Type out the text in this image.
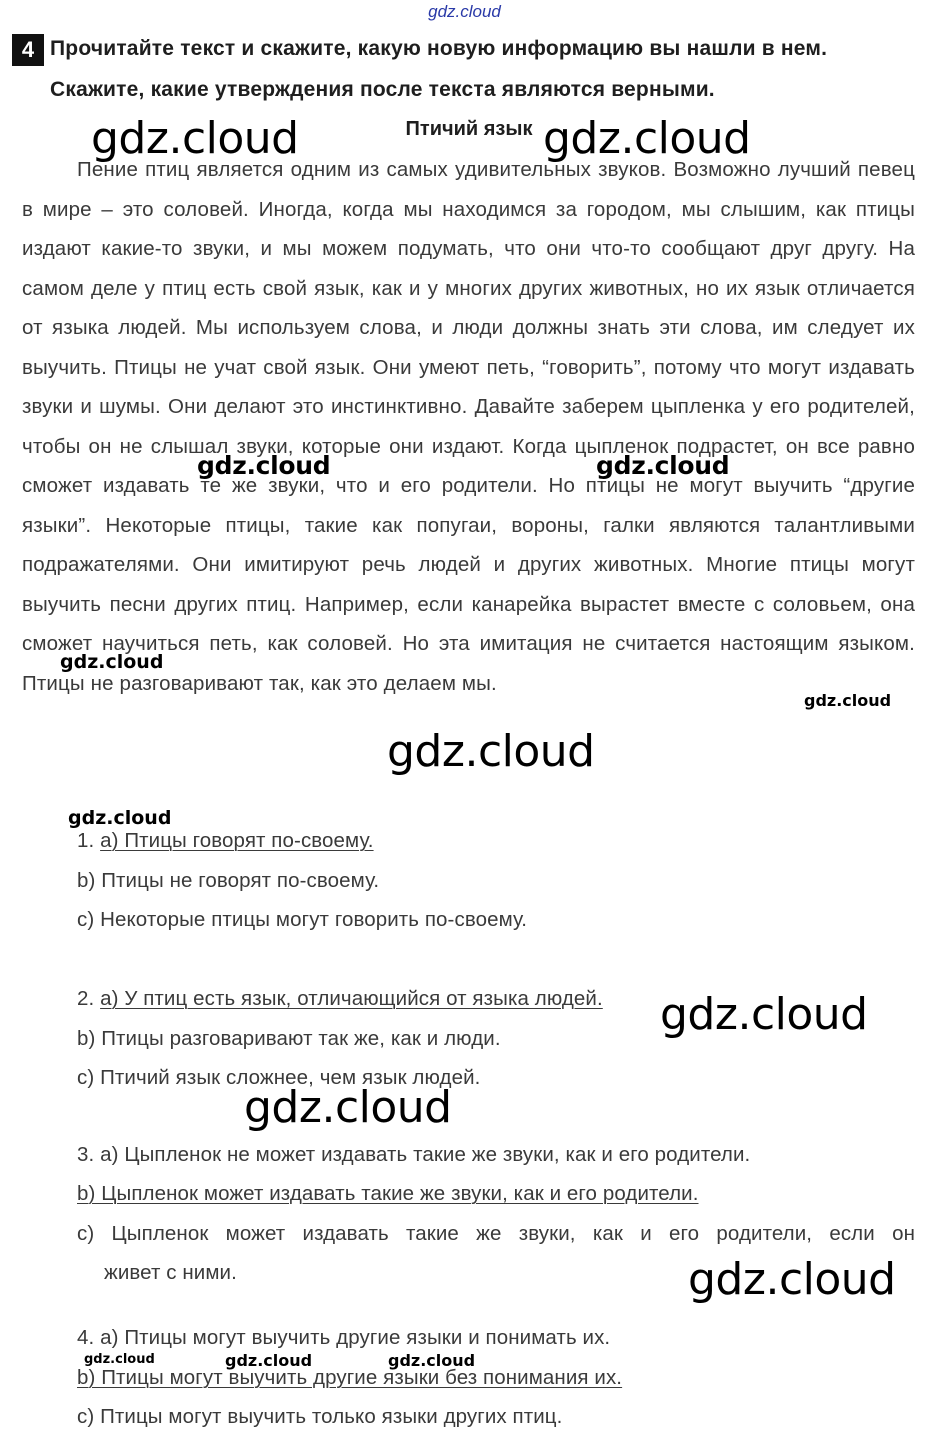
gdz.cloud
4 Прочитайте текст и скажите, какую новую информацию вы нашли в нем.
Скажите, какие утверждения после текста являются верными.
Птичий язык

Пение птиц является одним из самых удивительных звуков. Возможно лучший певец в мире – это соловей. Иногда, когда мы находимся за городом, мы слышим, как птицы издают какие-то звуки, и мы можем подумать, что они что-то сообщают друг другу. На самом деле у птиц есть свой язык, как и у многих других животных, но их язык отличается от языка людей. Мы используем слова, и люди должны знать эти слова, им следует их выучить. Птицы не учат свой язык. Они умеют петь, “говорить”, потому что могут издавать звуки и шумы. Они делают это инстинктивно. Давайте заберем цыпленка у его родителей, чтобы он не слышал звуки, которые они издают. Когда цыпленок подрастет, он все равно сможет издавать те же звуки, что и его родители. Но птицы не могут выучить “другие языки”. Некоторые птицы, такие как попугаи, вороны, галки являются талантливыми подражателями. Они имитируют речь людей и других животных. Многие птицы могут выучить песни других птиц. Например, если канарейка вырастет вместе с соловьем, она сможет научиться петь, как соловей. Но эта имитация не считается настоящим языком. Птицы не разговаривают так, как это делаем мы.

1. a) Птицы говорят по-своему.
b) Птицы не говорят по-своему.
c) Некоторые птицы могут говорить по-своему.
2. a) У птиц есть язык, отличающийся от языка людей.
b) Птицы разговаривают так же, как и люди.
c) Птичий язык сложнее, чем язык людей.
3. a) Цыпленок не может издавать такие же звуки, как и его родители.
b) Цыпленок может издавать такие же звуки, как и его родители.
c) Цыпленок может издавать такие же звуки, как и его родители, если он
живет с ними.
4. a) Птицы могут выучить другие языки и понимать их.
b) Птицы могут выучить другие языки без понимания их.
c) Птицы могут выучить только языки других птиц.
gdz.cloud	gdz.cloud
gdz.cloud	gdz.cloud
gdz.cloud
gdz.cloud
gdz.cloud
gdz.cloud
gdz.cloud
gdz.cloud
gdz.cloud
gdz.cloud	gdz.cloud	gdz.cloud
